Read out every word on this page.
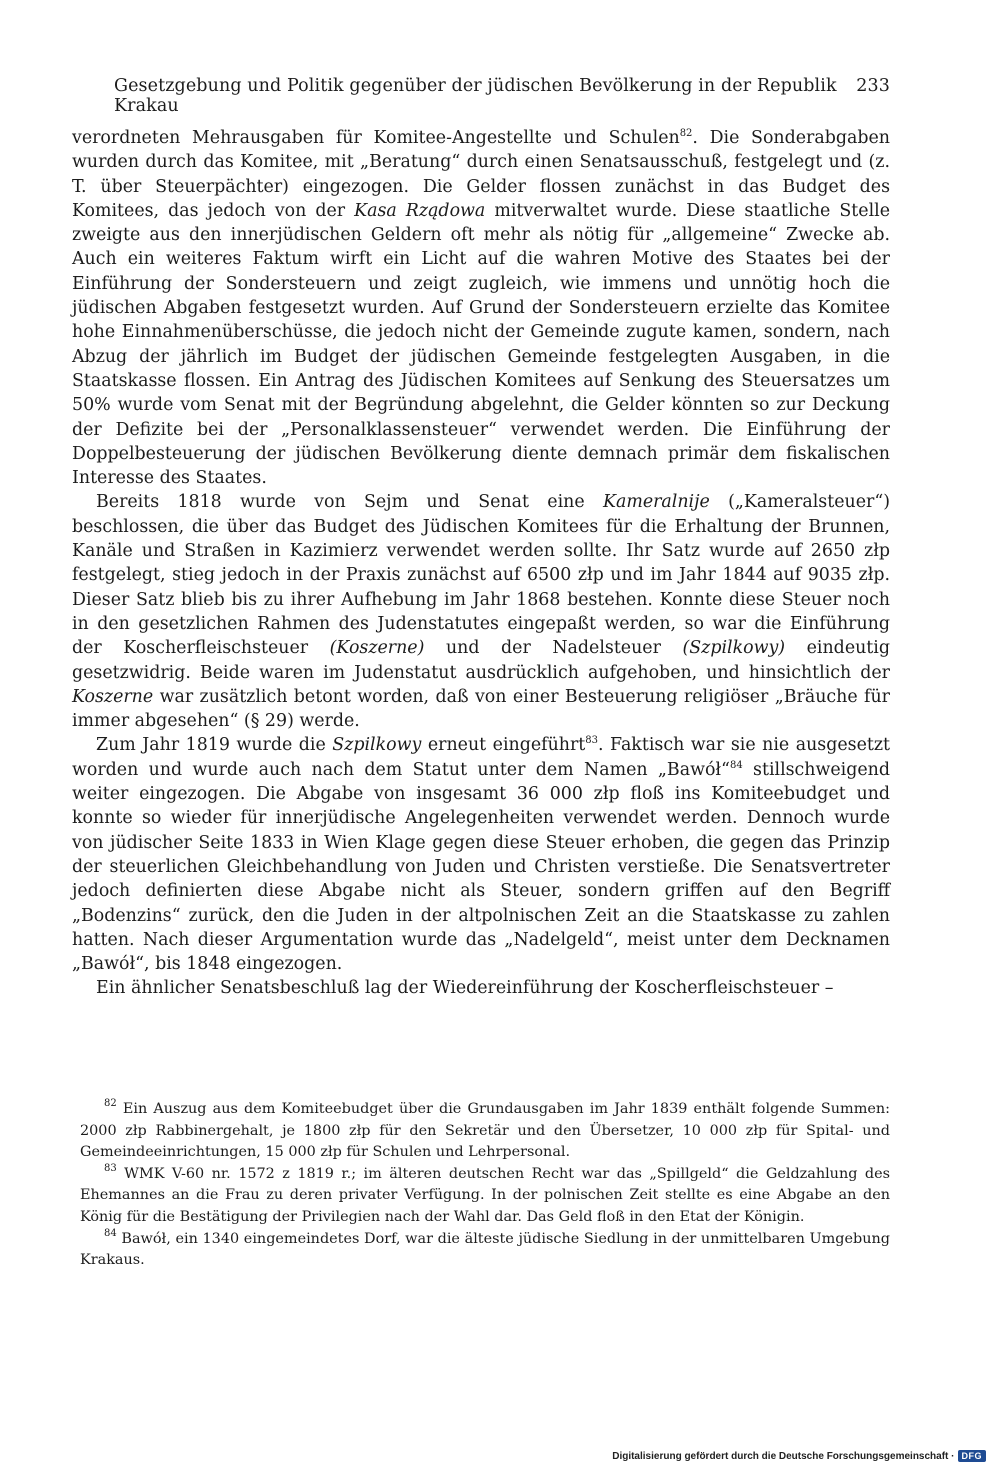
Gesetzgebung und Politik gegenüber der jüdischen Bevölkerung in der Republik Krakau
233

verordneten Mehrausgaben für Komitee-Angestellte und Schulen$^{82}$. Die Sonderabgaben wurden durch das Komitee, mit „Beratung“ durch einen Senatsausschuß, festgelegt und (z. T. über Steuerpächter) eingezogen. Die Gelder flossen zunächst in das Budget des Komitees, das jedoch von der Kasa Rządowa mitverwaltet wurde. Diese staatliche Stelle zweigte aus den innerjüdischen Geldern oft mehr als nötig für „allgemeine“ Zwecke ab. Auch ein weiteres Faktum wirft ein Licht auf die wahren Motive des Staates bei der Einführung der Sondersteuern und zeigt zugleich, wie immens und unnötig hoch die jüdischen Abgaben festgesetzt wurden. Auf Grund der Sondersteuern erzielte das Komitee hohe Einnahmenüberschüsse, die jedoch nicht der Gemeinde zugute kamen, sondern, nach Abzug der jährlich im Budget der jüdischen Gemeinde festgelegten Ausgaben, in die Staatskasse flossen. Ein Antrag des Jüdischen Komitees auf Senkung des Steuersatzes um 50% wurde vom Senat mit der Begründung abgelehnt, die Gelder könnten so zur Deckung der Defizite bei der „Personalklassensteuer“ verwendet werden. Die Einführung der Doppelbesteuerung der jüdischen Bevölkerung diente demnach primär dem fiskalischen Interesse des Staates.

Bereits 1818 wurde von Sejm und Senat eine Kameralnije („Kameralsteuer“) beschlossen, die über das Budget des Jüdischen Komitees für die Erhaltung der Brunnen, Kanäle und Straßen in Kazimierz verwendet werden sollte. Ihr Satz wurde auf 2650 złp festgelegt, stieg jedoch in der Praxis zunächst auf 6500 złp und im Jahr 1844 auf 9035 złp. Dieser Satz blieb bis zu ihrer Aufhebung im Jahr 1868 bestehen. Konnte diese Steuer noch in den gesetzlichen Rahmen des Judenstatutes eingepaßt werden, so war die Einführung der Koscherfleischsteuer (Koszerne) und der Nadelsteuer (Szpilkowy) eindeutig gesetzwidrig. Beide waren im Judenstatut ausdrücklich aufgehoben, und hinsichtlich der Koszerne war zusätzlich betont worden, daß von einer Besteuerung religiöser „Bräuche für immer abgesehen“ (§ 29) werde.

Zum Jahr 1819 wurde die Szpilkowy erneut eingeführt$^{83}$. Faktisch war sie nie ausgesetzt worden und wurde auch nach dem Statut unter dem Namen „Bawół“$^{84}$ stillschweigend weiter eingezogen. Die Abgabe von insgesamt 36 000 złp floß ins Komiteebudget und konnte so wieder für innerjüdische Angelegenheiten verwendet werden. Dennoch wurde von jüdischer Seite 1833 in Wien Klage gegen diese Steuer erhoben, die gegen das Prinzip der steuerlichen Gleichbehandlung von Juden und Christen verstieße. Die Senatsvertreter jedoch definierten diese Abgabe nicht als Steuer, sondern griffen auf den Begriff „Bodenzins“ zurück, den die Juden in der altpolnischen Zeit an die Staatskasse zu zahlen hatten. Nach dieser Argumentation wurde das „Nadelgeld“, meist unter dem Decknamen „Bawół“, bis 1848 eingezogen.

Ein ähnlicher Senatsbeschluß lag der Wiedereinführung der Koscherfleischsteuer –

$^{82}$ Ein Auszug aus dem Komiteebudget über die Grundausgaben im Jahr 1839 enthält folgende Summen: 2000 złp Rabbinergehalt, je 1800 złp für den Sekretär und den Übersetzer, 10 000 złp für Spital- und Gemeindeeinrichtungen, 15 000 złp für Schulen und Lehrpersonal.

$^{83}$ WMK V-60 nr. 1572 z 1819 r.; im älteren deutschen Recht war das „Spillgeld“ die Geldzahlung des Ehemannes an die Frau zu deren privater Verfügung. In der polnischen Zeit stellte es eine Abgabe an den König für die Bestätigung der Privilegien nach der Wahl dar. Das Geld floß in den Etat der Königin.

$^{84}$ Bawół, ein 1340 eingemeindetes Dorf, war die älteste jüdische Siedlung in der unmittelbaren Umgebung Krakaus.

Digitalisierung gefördert durch die Deutsche Forschungsgemeinschaft · DFG
